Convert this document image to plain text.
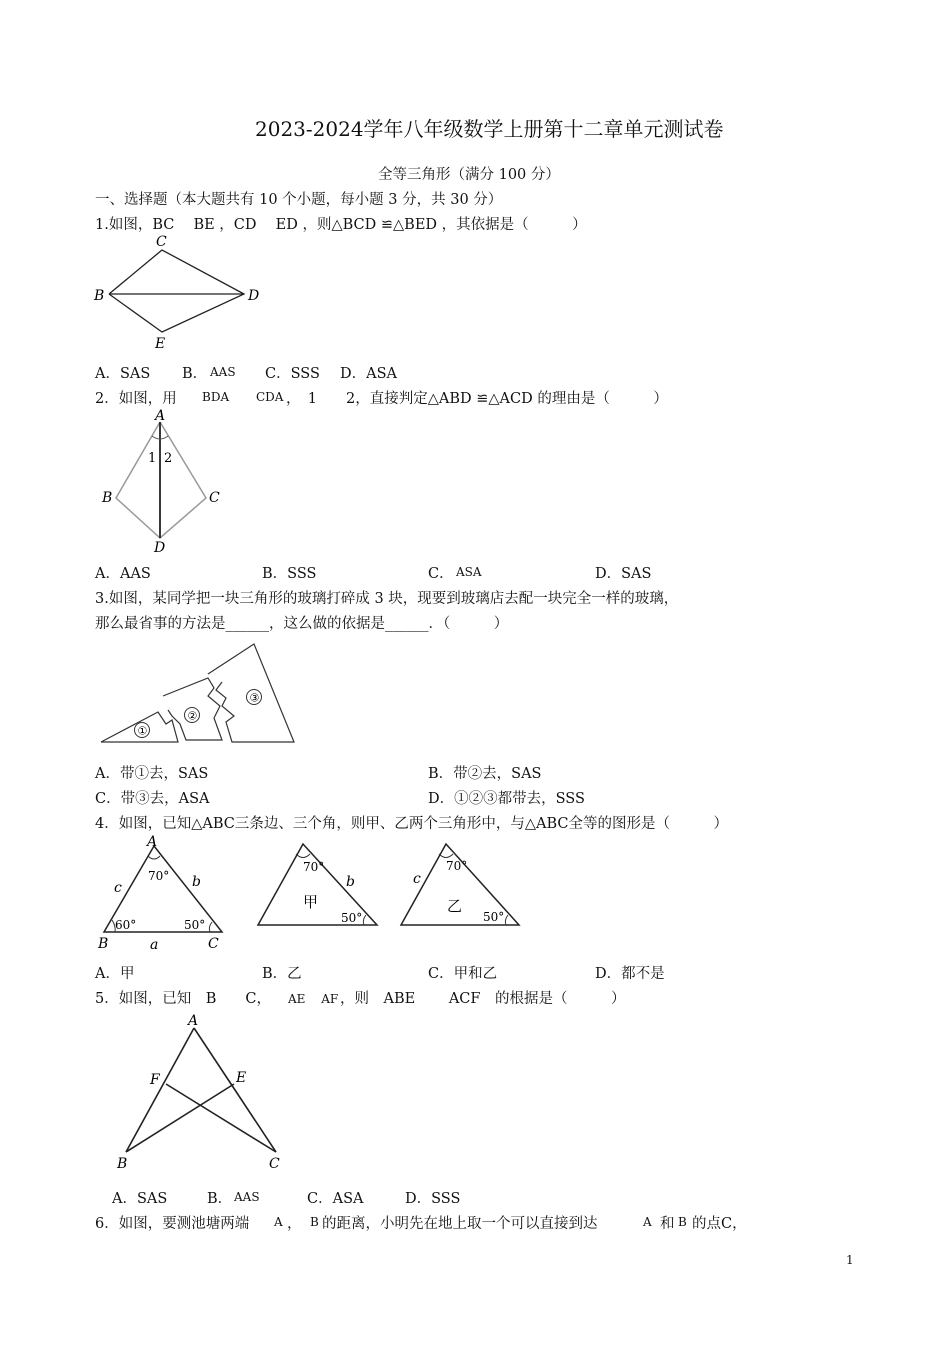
2023-2024学年八年级数学上册第十二章单元测试卷
全等三角形（满分 100 分）
一、选择题（本大题共有 10 个小题，每小题 3 分，共 30 分）
1.如图，BC　 BE ，CD　 ED ，则△BCD ≌△BED ，其依据是（　　　）
C
B	D
E
A．SAS B． AAS C．SSS D．ASA
2．如图，用 BDA CDA ，　1　　2，直接判定△ABD ≌△ACD 的理由是（　　　）
A
B	C
D
1 2
A．AAS	B．SSS	C． ASA	D．SAS
3.如图，某同学把一块三角形的玻璃打碎成 3 块，现要到玻璃店去配一块完全一样的玻璃，
那么最省事的方法是______，这么做的依据是______．（　　　）
①
②
③
A．带①去，SAS	B．带②去，SAS
C．带③去，ASA	D．①②③都带去，SSS
4．如图，已知△ABC三条边、三个角，则甲、乙两个三角形中，与△ABC全等的图形是（　　　）
A
B	C
a
b
c
70°
60°	50°
70°
50°
b
甲
70°
50°
c
乙
A．甲	B．乙	C．甲和乙	D．都不是
5．如图，已知　B　　C， AE　 AF ，则　ABE　　 ACF　的根据是（　　　）
A
B	C
E
F
A．SAS	B． AAS	C．ASA	D．SSS
6．如图，要测池塘两端 A ， B 的距离，小明先在地上取一个可以直接到达	A 和 B 的点C，
1
